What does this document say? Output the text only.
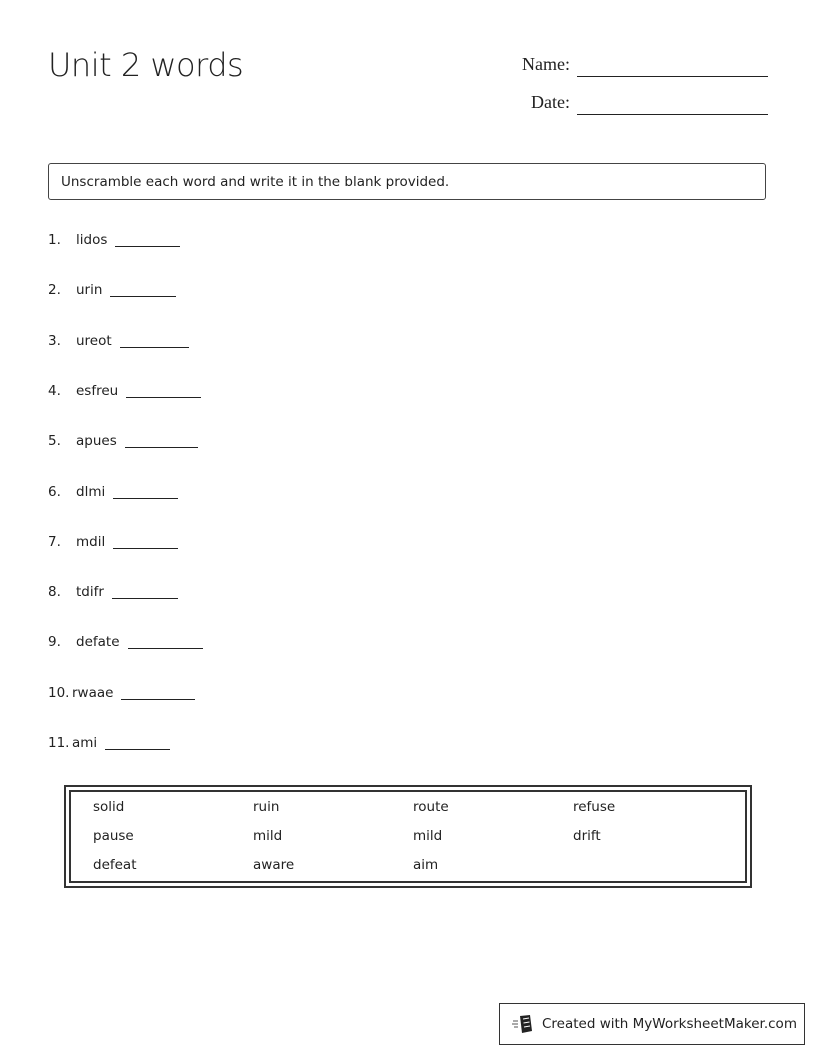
Unit 2 words	Name:
Date:
Unscramble each word and write it in the blank provided.
1. lidos
2. urin
3. ureot
4. esfreu
5. apues
6. dlmi
7. mdil
8. tdifr
9. defate
10. rwaae
11. ami
solid	ruin	route	refuse
pause	mild	mild	drift
defeat	aware	aim
Created with MyWorksheetMaker.com
